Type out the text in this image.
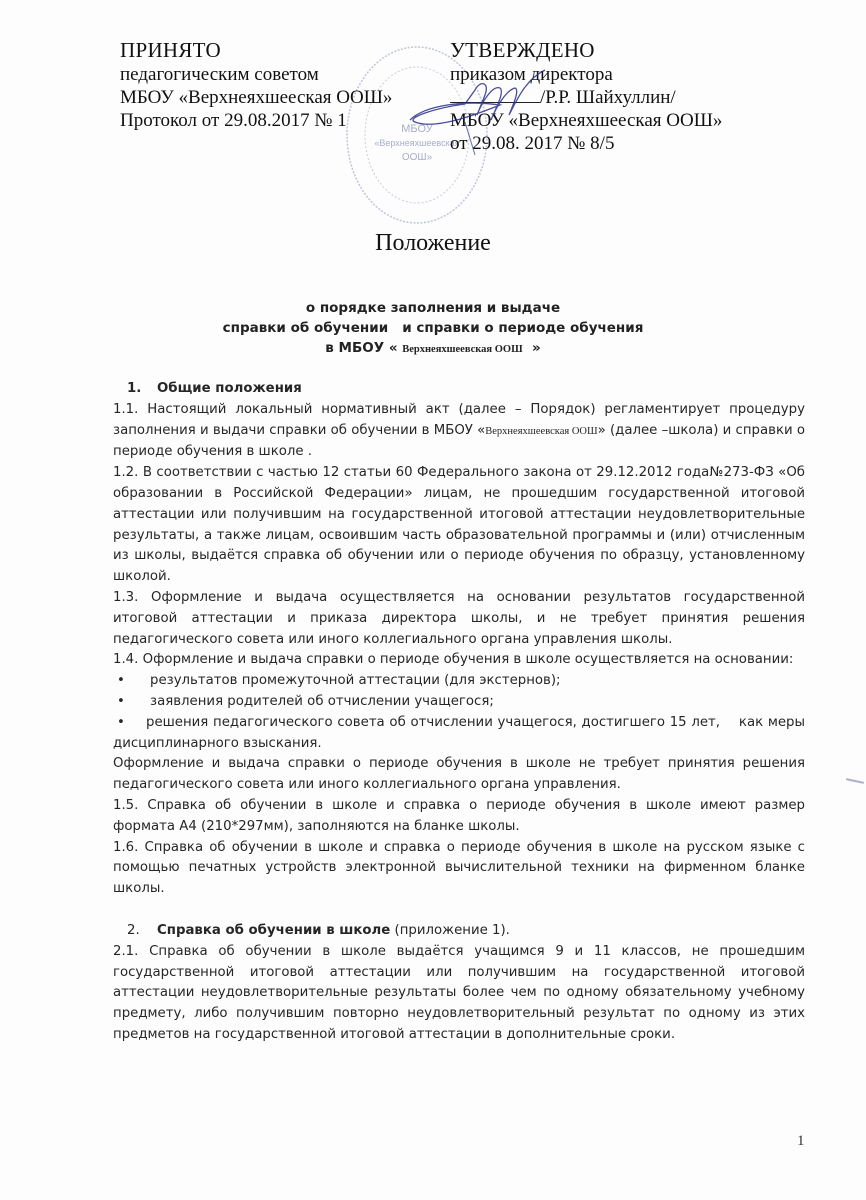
МБОУ
«Верхнеяхшеевская
ООШ»
ПРИНЯТО
педагогическим советом
МБОУ «Верхнеяхшееская ООШ»
Протокол от 29.08.2017 № 1
УТВЕРЖДЕНО
приказом директора
/Р.Р. Шайхуллин/
МБОУ «Верхнеяхшееская ООШ»
от 29.08. 2017 № 8/5
Положение
о порядке заполнения и выдаче
справки об обучении   и справки о периоде обучения
в МБОУ « Верхнеяхшеевская ООШ  »

1. Общие положения

1.1. Настоящий локальный нормативный акт (далее – Порядок) регламентирует процедуру заполнения и выдачи справки об обучении в МБОУ «Верхнеяхшеевская ООШ» (далее –школа) и справки о периоде обучения в школе .

1.2. В соответствии с частью 12 статьи 60 Федерального закона от 29.12.2012 года№273-ФЗ «Об образовании в Российской Федерации» лицам, не прошедшим государственной итоговой аттестации или получившим на государственной итоговой аттестации неудовлетворительные результаты, а также лицам, освоившим часть образовательной программы и (или) отчисленным из школы, выдаётся справка об обучении или о периоде обучения по образцу, установленному школой.

1.3. Оформление и выдача осуществляется на основании результатов государственной итоговой аттестации и приказа директора школы, и не требует принятия решения педагогического совета или иного коллегиального органа управления школы.

1.4. Оформление и выдача справки о периоде обучения в школе осуществляется на основании:

•	результатов промежуточной аттестации (для экстернов);
•	заявления родителей об отчислении учащегося;

• решения педагогического совета об отчислении учащегося, достигшего 15 лет,    как меры дисциплинарного взыскания.

Оформление и выдача справки о периоде обучения в школе не требует принятия решения педагогического совета или иного коллегиального органа управления.

1.5. Справка об обучении в школе и справка о периоде обучения в школе имеют размер формата А4 (210*297мм), заполняются на бланке школы.

1.6. Справка об обучении в школе и справка о периоде обучения в школе на русском языке с помощью печатных устройств электронной вычислительной техники на фирменном бланке школы.

2. Справка об обучении в школе (приложение 1).

2.1. Справка об обучении в школе выдаётся учащимся 9 и 11 классов, не прошедшим государственной итоговой аттестации или получившим на государственной итоговой аттестации неудовлетворительные результаты более чем по одному обязательному учебному предмету, либо получившим повторно неудовлетворительный результат по одному из этих предметов на государственной итоговой аттестации в дополнительные сроки.

1
